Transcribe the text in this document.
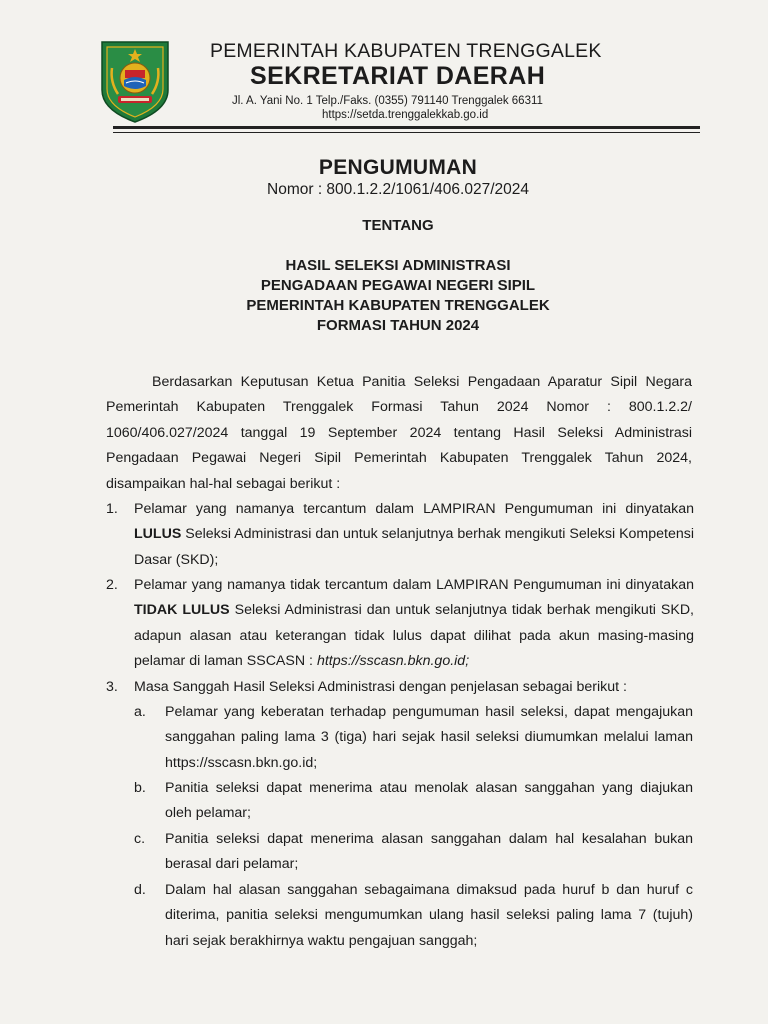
PEMERINTAH KABUPATEN TRENGGALEK
SEKRETARIAT DAERAH
Jl. A. Yani No. 1 Telp./Faks. (0355) 791140 Trenggalek 66311
https://setda.trenggalekkab.go.id
PENGUMUMAN
Nomor : 800.1.2.2/1061/406.027/2024
TENTANG
HASIL SELEKSI ADMINISTRASI
PENGADAAN PEGAWAI NEGERI SIPIL
PEMERINTAH KABUPATEN TRENGGALEK
FORMASI TAHUN 2024
Berdasarkan Keputusan Ketua Panitia Seleksi Pengadaan Aparatur Sipil Negara Pemerintah Kabupaten Trenggalek Formasi Tahun 2024 Nomor : 800.1.2.2/ 1060/406.027/2024 tanggal 19 September 2024 tentang Hasil Seleksi Administrasi Pengadaan Pegawai Negeri Sipil Pemerintah Kabupaten Trenggalek Tahun 2024, disampaikan hal-hal sebagai berikut :
1. Pelamar yang namanya tercantum dalam LAMPIRAN Pengumuman ini dinyatakan LULUS Seleksi Administrasi dan untuk selanjutnya berhak mengikuti Seleksi Kompetensi Dasar (SKD);
2. Pelamar yang namanya tidak tercantum dalam LAMPIRAN Pengumuman ini dinyatakan TIDAK LULUS Seleksi Administrasi dan untuk selanjutnya tidak berhak mengikuti SKD, adapun alasan atau keterangan tidak lulus dapat dilihat pada akun masing-masing pelamar di laman SSCASN : https://sscasn.bkn.go.id;
3. Masa Sanggah Hasil Seleksi Administrasi dengan penjelasan sebagai berikut :
a. Pelamar yang keberatan terhadap pengumuman hasil seleksi, dapat mengajukan sanggahan paling lama 3 (tiga) hari sejak hasil seleksi diumumkan melalui laman https://sscasn.bkn.go.id;
b. Panitia seleksi dapat menerima atau menolak alasan sanggahan yang diajukan oleh pelamar;
c. Panitia seleksi dapat menerima alasan sanggahan dalam hal kesalahan bukan berasal dari pelamar;
d. Dalam hal alasan sanggahan sebagaimana dimaksud pada huruf b dan huruf c diterima, panitia seleksi mengumumkan ulang hasil seleksi paling lama 7 (tujuh) hari sejak berakhirnya waktu pengajuan sanggah;
